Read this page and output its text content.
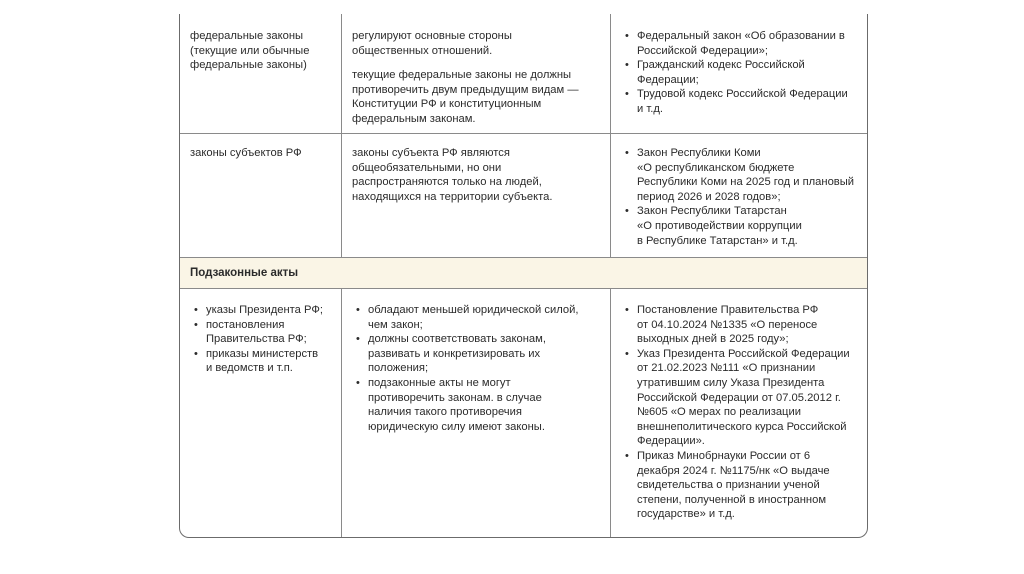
федеральные законы
(текущие или обычные
федеральные законы)
регулируют основные стороны
общественных отношений.
текущие федеральные законы не должны
противоречить двум предыдущим видам —
Конституции РФ и конституционным
федеральным законам.
• Федеральный закон «Об образовании в
Российской Федерации»;
• Гражданский кодекс Российской
Федерации;
• Трудовой кодекс Российской Федерации
и т.д.
законы субъектов РФ	законы субъекта РФ являются
общеобязательными, но они
распространяются только на людей,
находящихся на территории субъекта.
• Закон Республики Коми
«О республиканском бюджете
Республики Коми на 2025 год и плановый
период 2026 и 2028 годов»;
• Закон Республики Татарстан
«О противодействии коррупции
в Республике Татарстан» и т.д.
Подзаконные акты
• указы Президента РФ;
• постановления
Правительства РФ;
• приказы министерств
и ведомств и т.п.
• обладают меньшей юридической силой,
чем закон;
• должны соответствовать законам,
развивать и конкретизировать их
положения;
• подзаконные акты не могут
противоречить законам. в случае
наличия такого противоречия
юридическую силу имеют законы.
• Постановление Правительства РФ
от 04.10.2024 №1335 «О переносе
выходных дней в 2025 году»;
• Указ Президента Российской Федерации
от 21.02.2023 №111 «О признании
утратившим силу Указа Президента
Российской Федерации от 07.05.2012 г.
№605 «О мерах по реализации
внешнеполитического курса Российской
Федерации».
• Приказ Минобрнауки России от 6
декабря 2024 г. №1175/нк «О выдаче
свидетельства о признании ученой
степени, полученной в иностранном
государстве» и т.д.
